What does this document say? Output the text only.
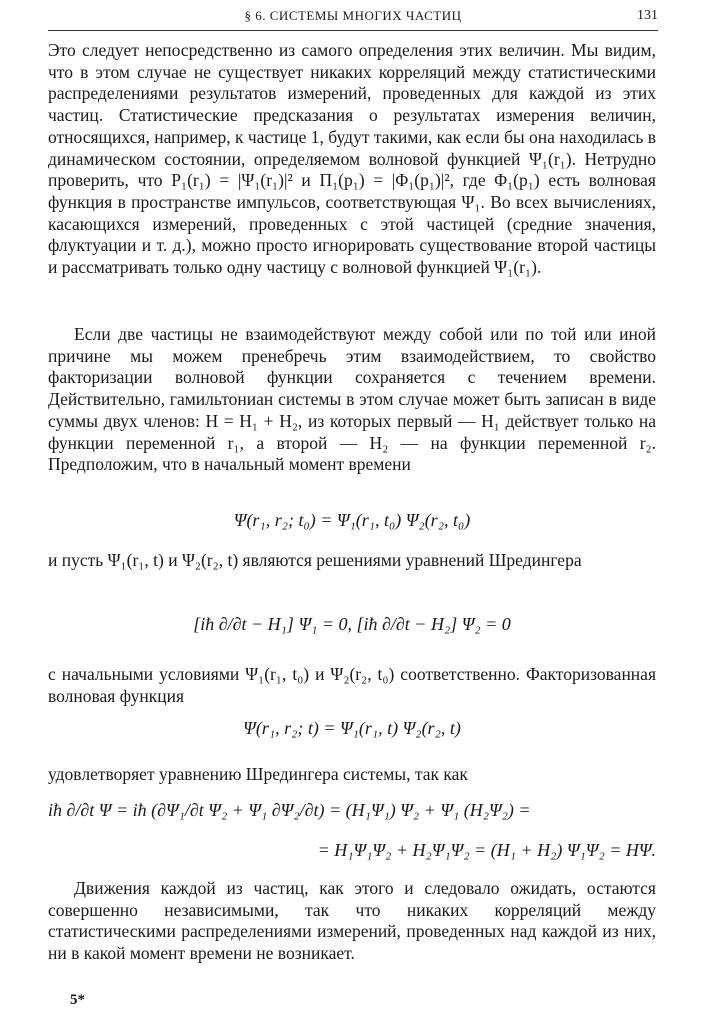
§ 6. СИСТЕМЫ МНОГИХ ЧАСТИЦ	131

Это следует непосредственно из самого определения этих величин. Мы видим, что в этом случае не существует никаких корреляций между статистическими распределениями результатов измерений, проведенных для каждой из этих частиц. Статистические предсказания о результатах измерения величин, относящихся, например, к частице 1, будут такими, как если бы она находилась в динамическом состоянии, определяемом волновой функцией Ψ₁(r₁). Нетрудно проверить, что P₁(r₁) = |Ψ₁(r₁)|² и Π₁(p₁) = |Φ₁(p₁)|², где Φ₁(p₁) есть волновая функция в пространстве импульсов, соответствующая Ψ₁. Во всех вычислениях, касающихся измерений, проведенных с этой частицей (средние значения, флуктуации и т. д.), можно просто игнорировать существование второй частицы и рассматривать только одну частицу с волновой функцией Ψ₁(r₁).

Если две частицы не взаимодействуют между собой или по той или иной причине мы можем пренебречь этим взаимодействием, то свойство факторизации волновой функции сохраняется с течением времени. Действительно, гамильтониан системы в этом случае может быть записан в виде суммы двух членов: H = H₁ + H₂, из которых первый — H₁ действует только на функции переменной r₁, а второй — H₂ — на функции переменной r₂. Предположим, что в начальный момент времени

Ψ(r₁, r₂; t₀) = Ψ₁(r₁, t₀) Ψ₂(r₂, t₀)

и пусть Ψ₁(r₁, t) и Ψ₂(r₂, t) являются решениями уравнений Шредингера

[iħ ∂/∂t − H₁] Ψ₁ = 0, [iħ ∂/∂t − H₂] Ψ₂ = 0

с начальными условиями Ψ₁(r₁, t₀) и Ψ₂(r₂, t₀) соответственно. Факторизованная волновая функция

Ψ(r₁, r₂; t) = Ψ₁(r₁, t) Ψ₂(r₂, t)

удовлетворяет уравнению Шредингера системы, так как

iħ ∂/∂t Ψ = iħ (∂Ψ₁/∂t Ψ₂ + Ψ₁ ∂Ψ₂/∂t) = (H₁Ψ₁) Ψ₂ + Ψ₁ (H₂Ψ₂) =
= H₁Ψ₁Ψ₂ + H₂Ψ₁Ψ₂ = (H₁ + H₂) Ψ₁Ψ₂ = HΨ.

Движения каждой из частиц, как этого и следовало ожидать, остаются совершенно независимыми, так что никаких корреляций между статистическими распределениями измерений, проведенных над каждой из них, ни в какой момент времени не возникает.

5*
